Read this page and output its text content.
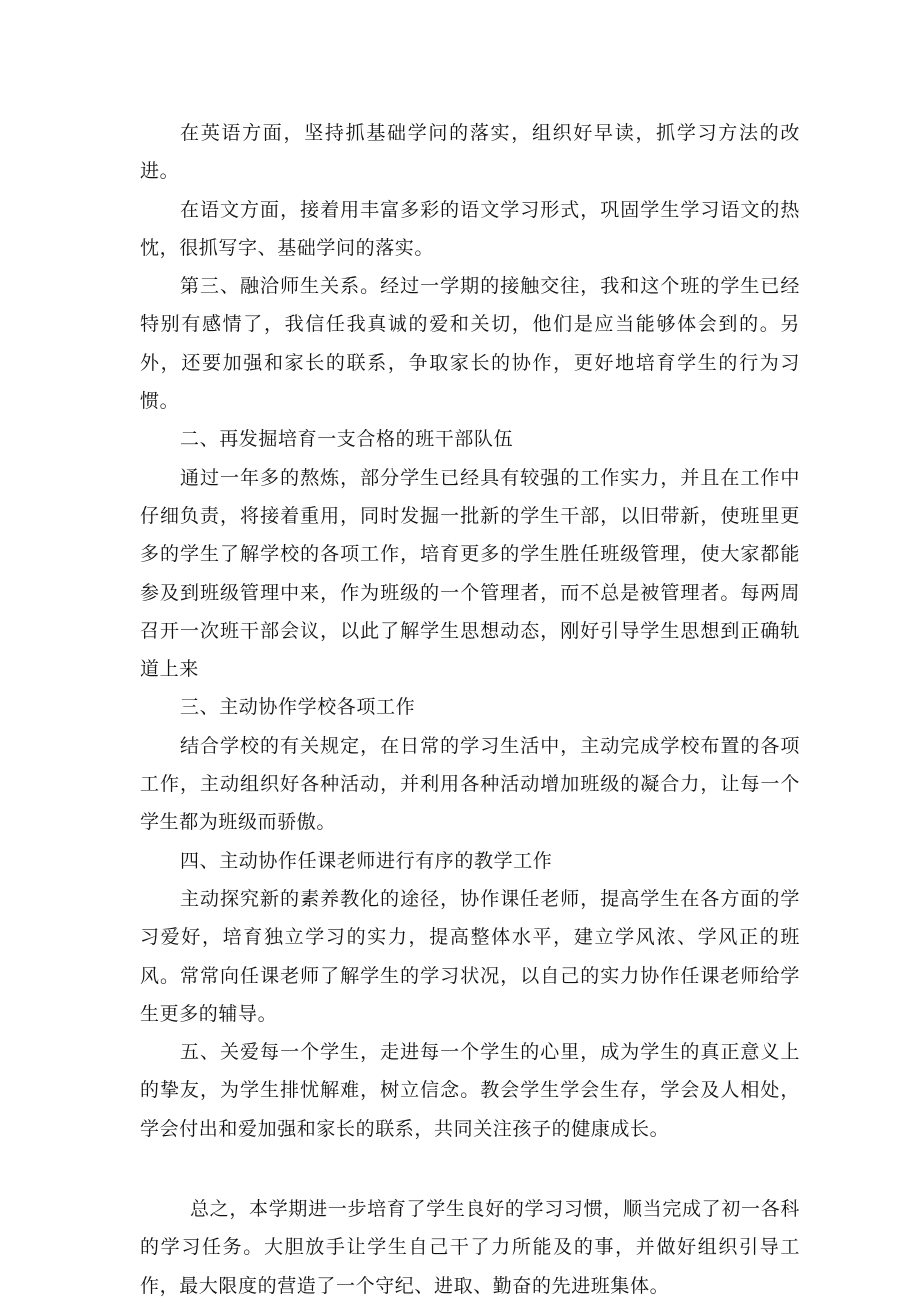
在英语方面，坚持抓基础学问的落实，组织好早读，抓学习方法的改进。

在语文方面，接着用丰富多彩的语文学习形式，巩固学生学习语文的热忱，很抓写字、基础学问的落实。

第三、融洽师生关系。经过一学期的接触交往，我和这个班的学生已经特别有感情了，我信任我真诚的爱和关切，他们是应当能够体会到的。另外，还要加强和家长的联系，争取家长的协作，更好地培育学生的行为习惯。

二、再发掘培育一支合格的班干部队伍

通过一年多的熬炼，部分学生已经具有较强的工作实力，并且在工作中仔细负责，将接着重用，同时发掘一批新的学生干部，以旧带新，使班里更多的学生了解学校的各项工作，培育更多的学生胜任班级管理，使大家都能参及到班级管理中来，作为班级的一个管理者，而不总是被管理者。每两周召开一次班干部会议，以此了解学生思想动态，刚好引导学生思想到正确轨道上来

三、主动协作学校各项工作

结合学校的有关规定，在日常的学习生活中，主动完成学校布置的各项工作，主动组织好各种活动，并利用各种活动增加班级的凝合力，让每一个学生都为班级而骄傲。

四、主动协作任课老师进行有序的教学工作

主动探究新的素养教化的途径，协作课任老师，提高学生在各方面的学习爱好，培育独立学习的实力，提高整体水平，建立学风浓、学风正的班风。常常向任课老师了解学生的学习状况，以自己的实力协作任课老师给学生更多的辅导。

五、关爱每一个学生，走进每一个学生的心里，成为学生的真正意义上的挚友，为学生排忧解难，树立信念。教会学生学会生存，学会及人相处，学会付出和爱加强和家长的联系，共同关注孩子的健康成长。

总之，本学期进一步培育了学生良好的学习习惯，顺当完成了初一各科的学习任务。大胆放手让学生自己干了力所能及的事，并做好组织引导工作，最大限度的营造了一个守纪、进取、勤奋的先进班集体。
